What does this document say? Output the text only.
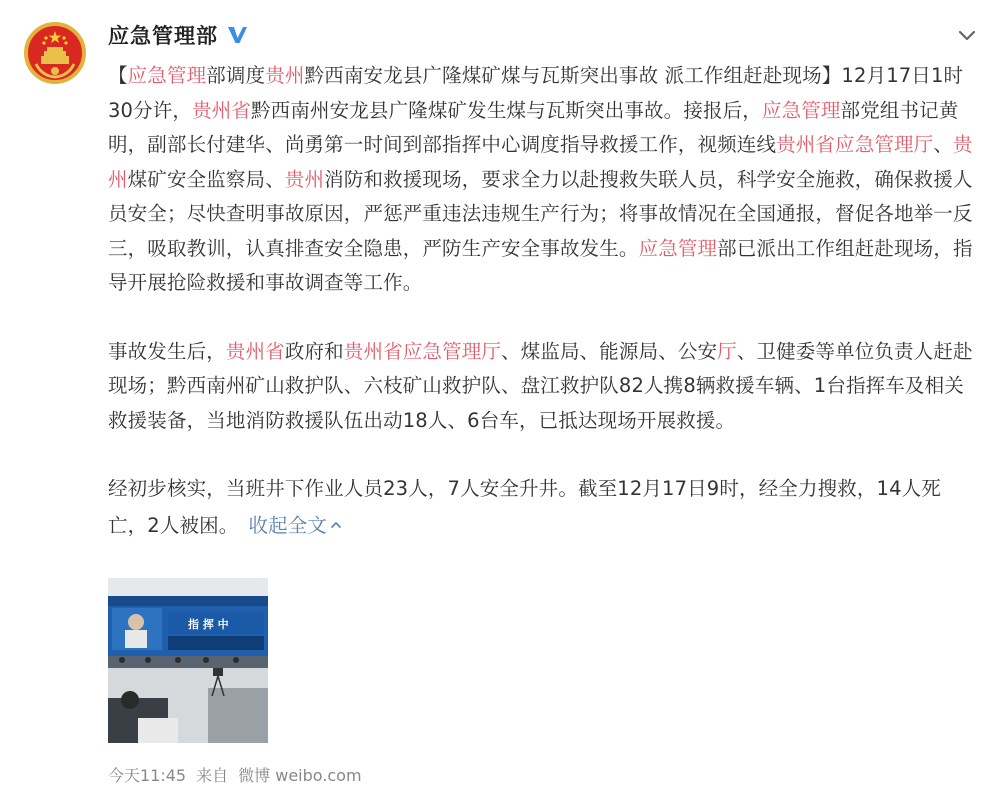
应急管理部

【应急管理部调度贵州黔西南安龙县广隆煤矿煤与瓦斯突出事故 派工作组赶赴现场】12月17日1时30分许，贵州省黔西南州安龙县广隆煤矿发生煤与瓦斯突出事故。接报后，应急管理部党组书记黄明，副部长付建华、尚勇第一时间到部指挥中心调度指导救援工作，视频连线贵州省应急管理厅、贵州煤矿安全监察局、贵州消防和救援现场，要求全力以赴搜救失联人员，科学安全施救，确保救援人员安全；尽快查明事故原因，严惩严重违法违规生产行为；将事故情况在全国通报，督促各地举一反三，吸取教训，认真排查安全隐患，严防生产安全事故发生。应急管理部已派出工作组赶赴现场，指导开展抢险救援和事故调查等工作。

事故发生后，贵州省政府和贵州省应急管理厅、煤监局、能源局、公安厅、卫健委等单位负责人赶赴现场；黔西南州矿山救护队、六枝矿山救护队、盘江救护队82人携8辆救援车辆、1台指挥车及相关救援装备，当地消防救援队伍出动18人、6台车，已抵达现场开展救援。

经初步核实，当班井下作业人员23人，7人安全升井。截至12月17日9时，经全力搜救，14人死亡，2人被困。 收起全文

指 挥 中
今天11:45 来自 微博 weibo.com
